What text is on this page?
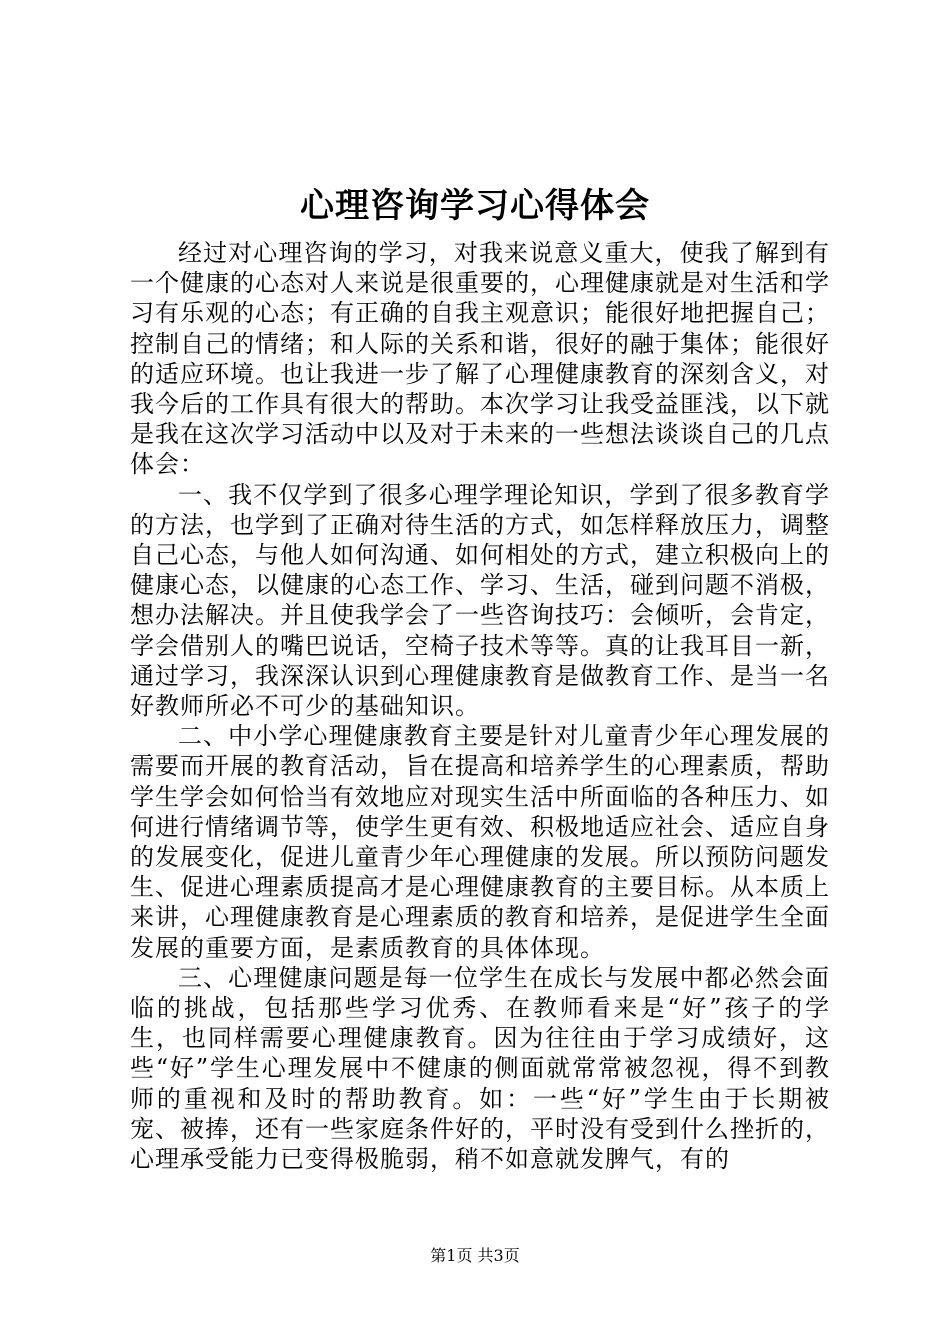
心理咨询学习心得体会

经过对心理咨询的学习，对我来说意义重大，使我了解到有一个健康的心态对人来说是很重要的，心理健康就是对生活和学习有乐观的心态；有正确的自我主观意识；能很好地把握自己；控制自己的情绪；和人际的关系和谐，很好的融于集体；能很好的适应环境。也让我进一步了解了心理健康教育的深刻含义，对我今后的工作具有很大的帮助。本次学习让我受益匪浅，以下就是我在这次学习活动中以及对于未来的一些想法谈谈自己的几点体会：

一、我不仅学到了很多心理学理论知识，学到了很多教育学的方法，也学到了正确对待生活的方式，如怎样释放压力，调整自己心态，与他人如何沟通、如何相处的方式，建立积极向上的健康心态，以健康的心态工作、学习、生活，碰到问题不消极，想办法解决。并且使我学会了一些咨询技巧：会倾听，会肯定，学会借别人的嘴巴说话，空椅子技术等等。真的让我耳目一新，通过学习，我深深认识到心理健康教育是做教育工作、是当一名好教师所必不可少的基础知识。

二、中小学心理健康教育主要是针对儿童青少年心理发展的需要而开展的教育活动，旨在提高和培养学生的心理素质，帮助学生学会如何恰当有效地应对现实生活中所面临的各种压力、如何进行情绪调节等，使学生更有效、积极地适应社会、适应自身的发展变化，促进儿童青少年心理健康的发展。所以预防问题发生、促进心理素质提高才是心理健康教育的主要目标。从本质上来讲，心理健康教育是心理素质的教育和培养，是促进学生全面发展的重要方面，是素质教育的具体体现。

三、心理健康问题是每一位学生在成长与发展中都必然会面临的挑战，包括那些学习优秀、在教师看来是“好”孩子的学生，也同样需要心理健康教育。因为往往由于学习成绩好，这些“好”学生心理发展中不健康的侧面就常常被忽视，得不到教师的重视和及时的帮助教育。如：一些“好”学生由于长期被宠、被捧，还有一些家庭条件好的，平时没有受到什么挫折的，心理承受能力已变得极脆弱，稍不如意就发脾气，有的

第1页 共3页
